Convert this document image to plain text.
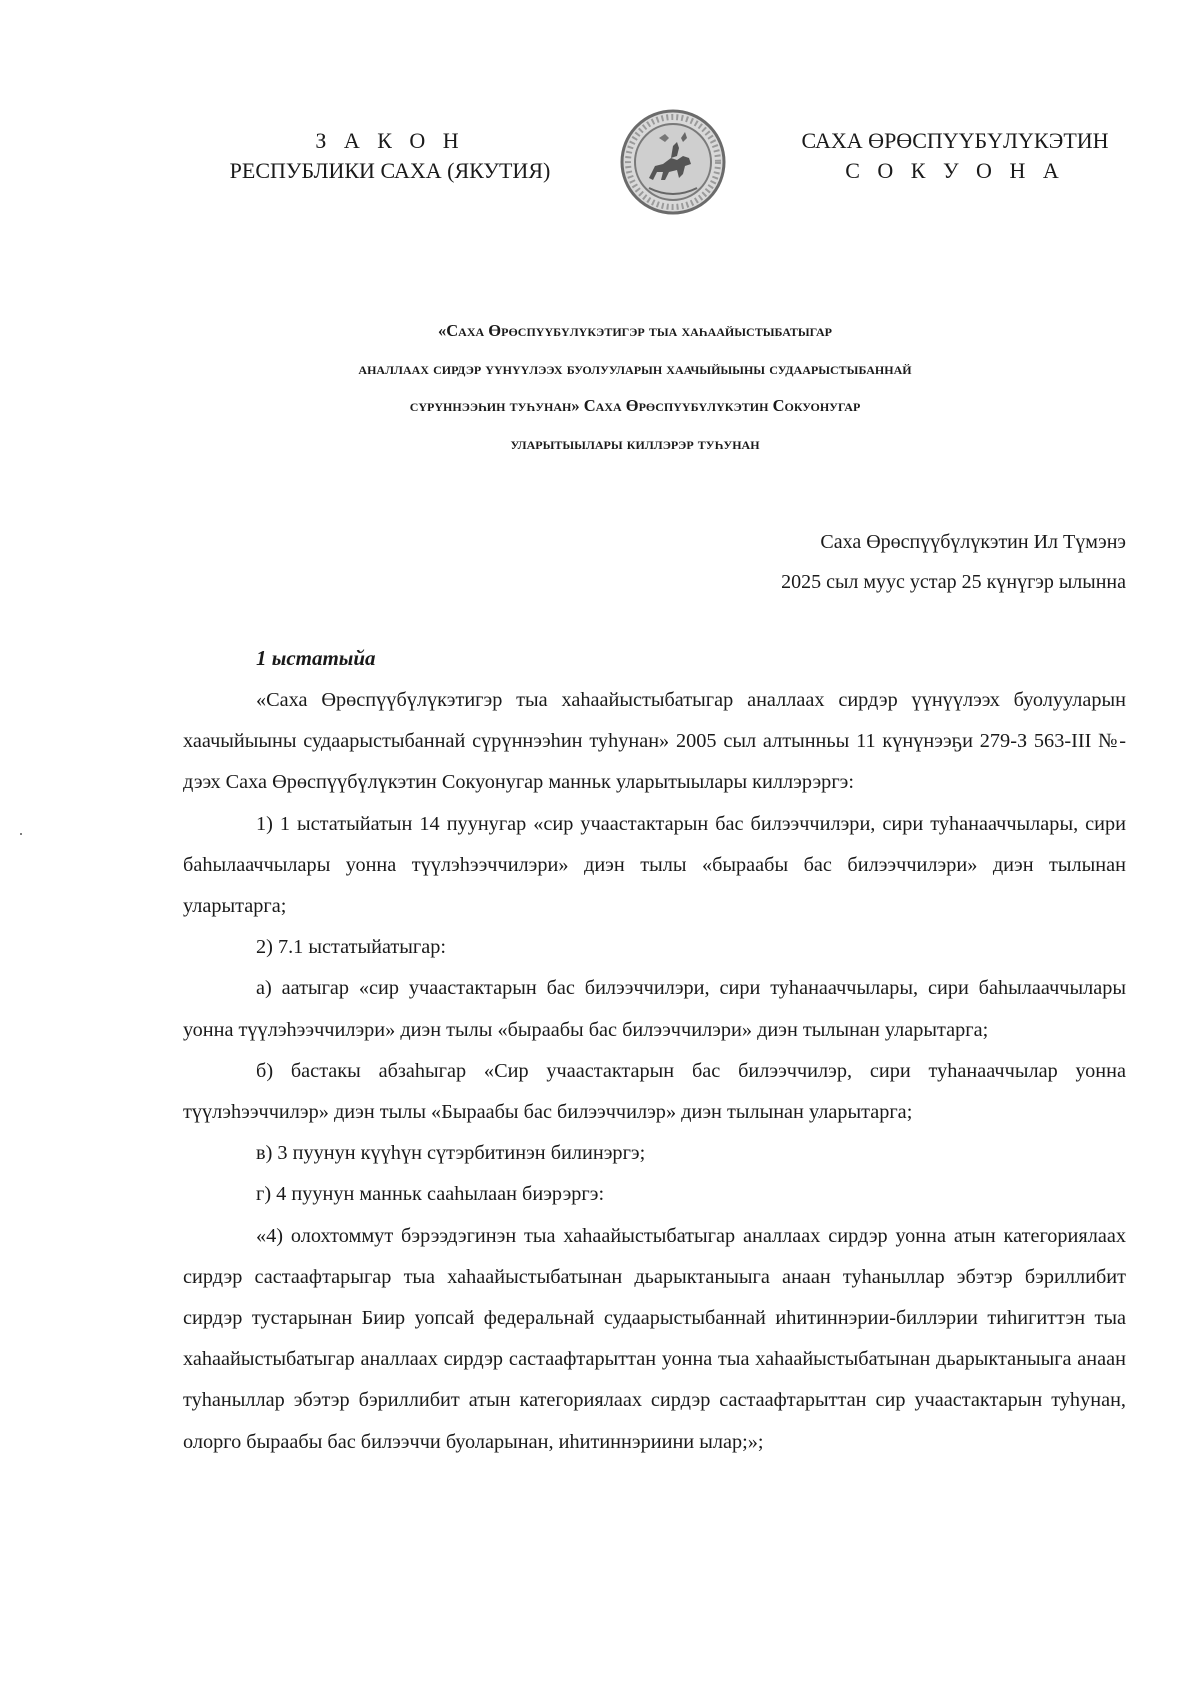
З А К О Н
РЕСПУБЛИКИ САХА (ЯКУТИЯ)
САХА ӨРӨСПҮҮБҮЛҮКЭТИН
С О К У О Н А
«Саха Өрөспүүбүлүкэтигэр тыа хаһаайыстыбатыгар
аналлаах сирдэр үүнүүлээх буолууларын хаачыйыыны судаарыстыбаннай
сүрүннээһин туһунан» Саха Өрөспүүбүлүкэтин Сокуонугар
уларытыылары киллэрэр туһунан
Саха Өрөспүүбүлүкэтин Ил Түмэнэ
2025 сыл муус устар 25 күнүгэр ылынна
1 ыстатыйа

«Саха Өрөспүүбүлүкэтигэр тыа хаһаайыстыбатыгар аналлаах сирдэр үүнүүлээх буолууларын хаачыйыыны судаарыстыбаннай сүрүннээһин туһунан» 2005 сыл алтынньы 11 күнүнээҕи 279-З 563-III №-дээх Саха Өрөспүүбүлүкэтин Сокуонугар манньк уларытыылары киллэрэргэ:

1) 1 ыстатыйатын 14 пуунугар «сир учаастактарын бас билээччилэри, сири туһанааччылары, сири баһылааччылары уонна түүлэһээччилэри» диэн тылы «быраабы бас билээччилэри» диэн тылынан уларытарга;

2) 7.1 ыстатыйатыгар:

а) аатыгар «сир учаастактарын бас билээччилэри, сири туһанааччылары, сири баһылааччылары уонна түүлэһээччилэри» диэн тылы «быраабы бас билээччилэри» диэн тылынан уларытарга;

б) бастакы абзаһыгар «Сир учаастактарын бас билээччилэр, сири туһанааччылар уонна түүлэһээччилэр» диэн тылы «Быраабы бас билээччилэр» диэн тылынан уларытарга;

в) 3 пуунун күүһүн сүтэрбитинэн билинэргэ;

г) 4 пуунун манньк сааһылаан биэрэргэ:

«4) олохтоммут бэрээдэгинэн тыа хаһаайыстыбатыгар аналлаах сирдэр уонна атын категориялаах сирдэр састаафтарыгар тыа хаһаайыстыбатынан дьарыктаныыга анаан туһаныллар эбэтэр бэриллибит сирдэр тустарынан Биир уопсай федеральнай судаарыстыбаннай иһитиннэрии-биллэрии тиһигиттэн тыа хаһаайыстыбатыгар аналлаах сирдэр састаафтарыттан уонна тыа хаһаайыстыбатынан дьарыктаныыга анаан туһаныллар эбэтэр бэриллибит атын категориялаах сирдэр састаафтарыттан сир учаастактарын туһунан, олорго быраабы бас билээччи буоларынан, иһитиннэриини ылар;»;
